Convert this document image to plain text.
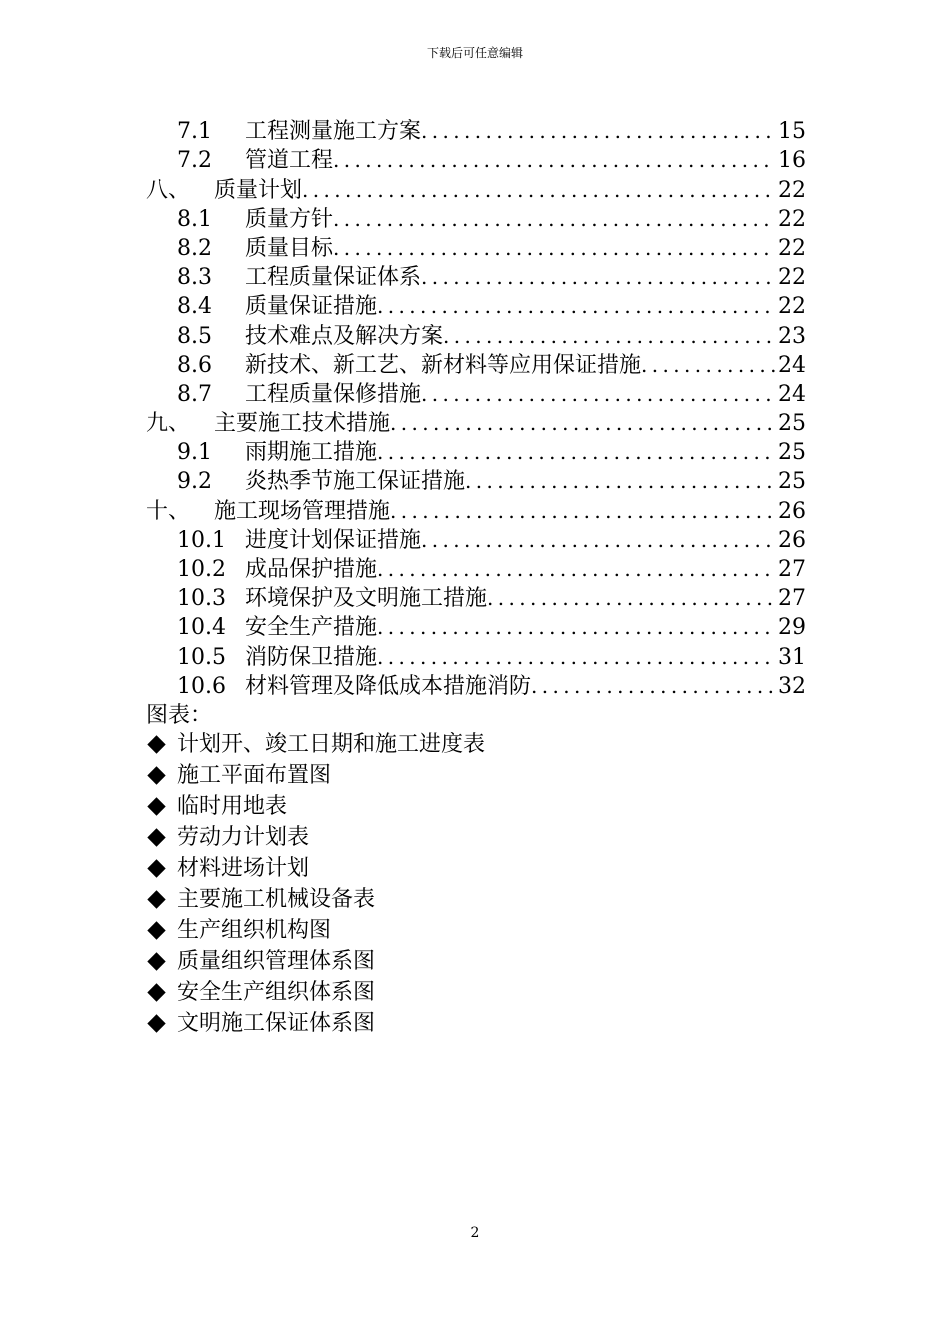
下载后可任意编辑
7.1	工程测量施工方案 .....	15
7.2	管道工程 .....	16
八、	质量计划 .....	22
8.1	质量方针 .....	22
8.2	质量目标 .....	22
8.3	工程质量保证体系 .....	22
8.4	质量保证措施 .....	22
8.5	技术难点及解决方案 .....	23
8.6	新技术、新工艺、新材料等应用保证措施 .....	24
8.7	工程质量保修措施 .....	24
九、	主要施工技术措施 .....	25
9.1	雨期施工措施 .....	25
9.2	炎热季节施工保证措施 .....	25
十、	施工现场管理措施 .....	26
10.1 进度计划保证措施 .....	26
10.2 成品保护措施 .....	27
10.3 环境保护及文明施工措施 .....	27
10.4 安全生产措施 .....	29
10.5 消防保卫措施 .....	31
10.6 材料管理及降低成本措施消防 .....	32
图表：
计划开、竣工日期和施工进度表
施工平面布置图
临时用地表
劳动力计划表
材料进场计划
主要施工机械设备表
生产组织机构图
质量组织管理体系图
安全生产组织体系图
文明施工保证体系图
2
